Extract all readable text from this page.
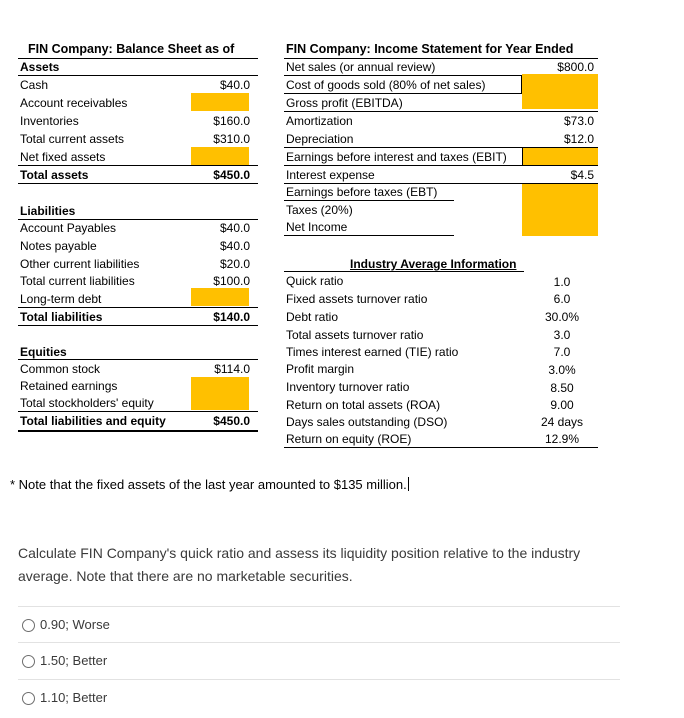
FIN Company: Balance Sheet as of
Assets
Cash	$40.0
Account receivables
Inventories	$160.0
Total current assets	$310.0
Net fixed assets
Total assets	$450.0
Liabilities
Account Payables	$40.0
Notes payable	$40.0
Other current liabilities	$20.0
Total current liabilities	$100.0
Long-term debt
Total liabilities	$140.0
Equities
Common stock	$114.0
Retained earnings
Total stockholders' equity
Total liabilities and equity	$450.0
FIN Company: Income Statement for Year Ended
Net sales (or annual review)	$800.0
Cost of goods sold (80% of net sales)
Gross profit (EBITDA)
Amortization	$73.0
Depreciation	$12.0
Earnings before interest and taxes (EBIT)
Interest expense	$4.5
Earnings before taxes (EBT)
Taxes (20%)
Net Income
Industry Average Information
Quick ratio	1.0
Fixed assets turnover ratio	6.0
Debt ratio	30.0%
Total assets turnover ratio	3.0
Times interest earned (TIE) ratio	7.0
Profit margin	3.0%
Inventory turnover ratio	8.50
Return on total assets (ROA)	9.00
Days sales outstanding (DSO)	24 days
Return on equity (ROE)	12.9%
* Note that the fixed assets of the last year amounted to $135 million.
Calculate FIN Company's quick ratio and assess its liquidity position relative to the industry average. Note that there are no marketable securities.
0.90; Worse
1.50; Better
1.10; Better
